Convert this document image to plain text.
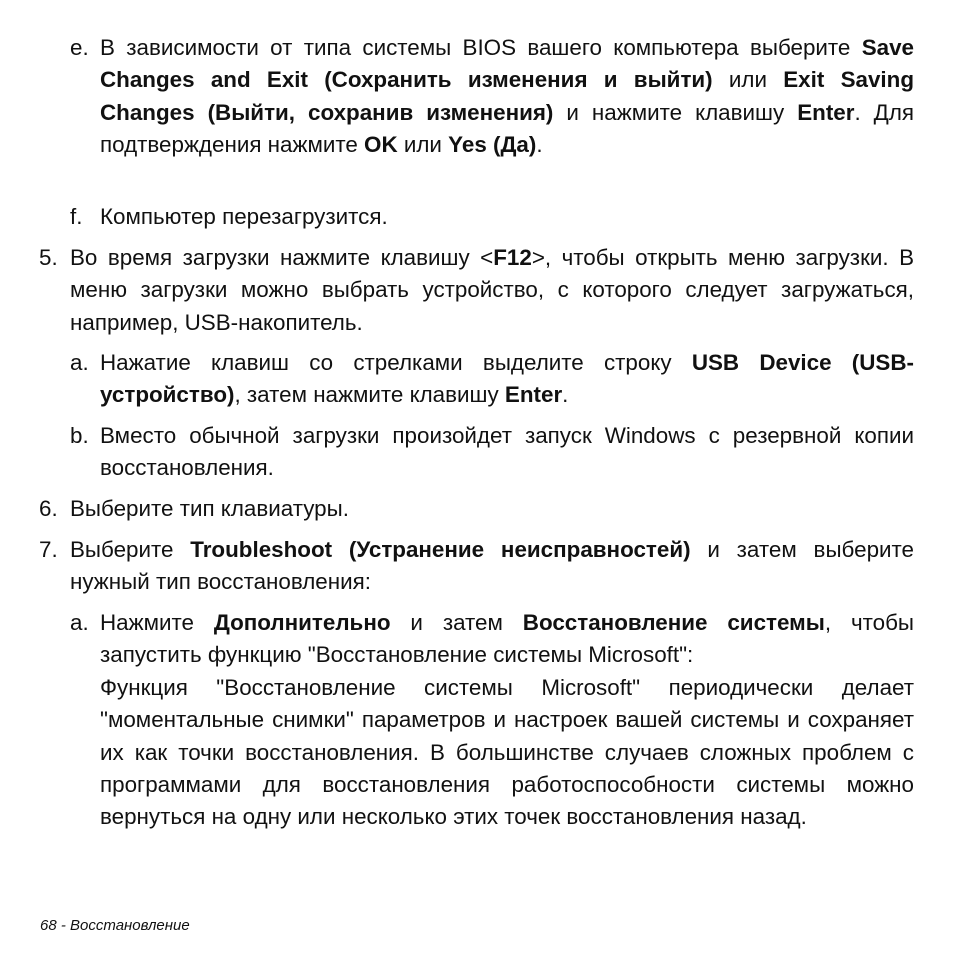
e. В зависимости от типа системы BIOS вашего компьютера выберите Save Changes and Exit (Сохранить изменения и выйти) или Exit Saving Changes (Выйти, сохранив изменения) и нажмите клавишу Enter. Для подтверждения нажмите OK или Yes (Да).
f. Компьютер перезагрузится.
5. Во время загрузки нажмите клавишу <F12>, чтобы открыть меню загрузки. В меню загрузки можно выбрать устройство, с которого следует загружаться, например, USB-накопитель.
a. Нажатие клавиш со стрелками выделите строку USB Device (USB-устройство), затем нажмите клавишу Enter.
b. Вместо обычной загрузки произойдет запуск Windows с резервной копии восстановления.
6. Выберите тип клавиатуры.
7. Выберите Troubleshoot (Устранение неисправностей) и затем выберите нужный тип восстановления:
a. Нажмите Дополнительно и затем Восстановление системы, чтобы запустить функцию "Восстановление системы Microsoft":
Функция "Восстановление системы Microsoft" периодически делает "моментальные снимки" параметров и настроек вашей системы и сохраняет их как точки восстановления. В большинстве случаев сложных проблем с программами для восстановления работоспособности системы можно вернуться на одну или несколько этих точек восстановления назад.
68 - Восстановление
